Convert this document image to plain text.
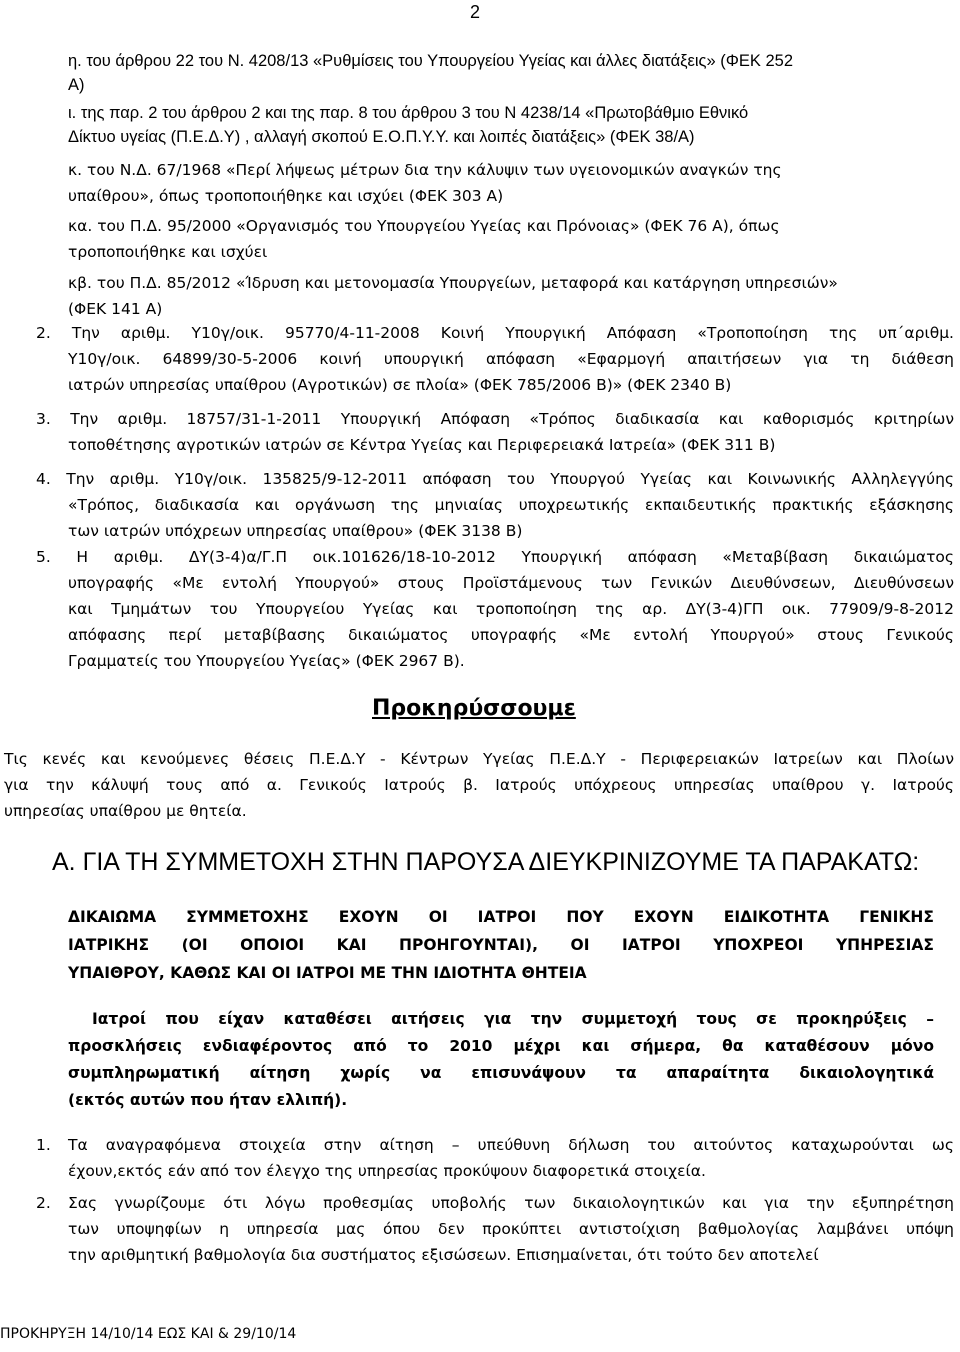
2
η. του άρθρου 22 του Ν. 4208/13 «Ρυθμίσεις του Υπουργείου Υγείας και άλλες διατάξεις» (ΦΕΚ 252
Α)
ι. της παρ. 2 του άρθρου 2 και της παρ. 8 του άρθρου 3 του Ν 4238/14 «Πρωτοβάθμιο Εθνικό
Δίκτυο υγείας (Π.Ε.Δ.Υ) , αλλαγή σκοπού Ε.Ο.Π.Υ.Υ. και λοιπές διατάξεις» (ΦΕΚ 38/Α)
κ. του Ν.Δ. 67/1968 «Περί λήψεως μέτρων δια την κάλυψιν των υγειονομικών αναγκών της
υπαίθρου», όπως τροποποιήθηκε και ισχύει (ΦΕΚ 303 Α)
κα. του Π.Δ. 95/2000 «Οργανισμός του Υπουργείου Υγείας και Πρόνοιας» (ΦΕΚ 76 Α), όπως
τροποποιήθηκε και ισχύει
κβ. του Π.Δ. 85/2012 «Ίδρυση και μετονομασία Υπουργείων, μεταφορά και κατάργηση υπηρεσιών»
(ΦΕΚ 141 Α)
2. Την αριθμ. Υ10γ/οικ. 95770/4-11-2008 Κοινή Υπουργική Απόφαση «Τροποποίηση της υπ΄αριθμ.
Υ10γ/οικ. 64899/30-5-2006 κοινή υπουργική απόφαση «Εφαρμογή απαιτήσεων για τη διάθεση
ιατρών υπηρεσίας υπαίθρου (Αγροτικών) σε πλοία» (ΦΕΚ 785/2006 Β)» (ΦΕΚ 2340 Β)
3. Την αριθμ. 18757/31-1-2011 Υπουργική Απόφαση «Τρόπος διαδικασία και καθορισμός κριτηρίων
τοποθέτησης αγροτικών ιατρών σε Κέντρα Υγείας και Περιφερειακά Ιατρεία» (ΦΕΚ 311 Β)
4. Την αριθμ. Υ10γ/οικ. 135825/9-12-2011 απόφαση του Υπουργού Υγείας και Κοινωνικής Αλληλεγγύης
«Τρόπος, διαδικασία και οργάνωση της μηνιαίας υποχρεωτικής εκπαιδευτικής πρακτικής εξάσκησης
των ιατρών υπόχρεων υπηρεσίας υπαίθρου» (ΦΕΚ 3138 Β)
5. Η αριθμ. ΔΥ(3-4)α/Γ.Π οικ.101626/18-10-2012 Υπουργική απόφαση «Μεταβίβαση δικαιώματος
υπογραφής «Με εντολή Υπουργού» στους Προϊστάμενους των Γενικών Διευθύνσεων, Διευθύνσεων
και Τμημάτων του Υπουργείου Υγείας και τροποποίηση της αρ. ΔΥ(3-4)ΓΠ οικ. 77909/9-8-2012
απόφασης περί μεταβίβασης δικαιώματος υπογραφής «Με εντολή Υπουργού» στους Γενικούς
Γραμματείς του Υπουργείου Υγείας» (ΦΕΚ 2967 Β).
Προκηρύσσουμε
Τις κενές και κενούμενες θέσεις Π.Ε.Δ.Υ - Κέντρων Υγείας Π.Ε.Δ.Υ - Περιφερειακών Ιατρείων και Πλοίων
για την κάλυψή τους από α. Γενικούς Ιατρούς β. Ιατρούς υπόχρεους υπηρεσίας υπαίθρου γ. Ιατρούς
υπηρεσίας υπαίθρου με θητεία.
Α. ΓΙΑ ΤΗ ΣΥΜΜΕΤΟΧΗ ΣΤΗΝ ΠΑΡΟΥΣΑ ΔΙΕΥΚΡΙΝΙΖΟΥΜΕ ΤΑ ΠΑΡΑΚΑΤΩ:
ΔΙΚΑΙΩΜΑ ΣΥΜΜΕΤΟΧΗΣ ΕΧΟΥΝ ΟΙ ΙΑΤΡΟΙ ΠΟΥ ΕΧΟΥΝ ΕΙΔΙΚΟΤΗΤΑ ΓΕΝΙΚΗΣ
ΙΑΤΡΙΚΗΣ (ΟΙ ΟΠΟΙΟΙ ΚΑΙ ΠΡΟΗΓΟΥΝΤΑΙ), ΟΙ ΙΑΤΡΟΙ ΥΠΟΧΡΕΟΙ ΥΠΗΡΕΣΙΑΣ
ΥΠΑΙΘΡΟΥ, ΚΑΘΩΣ ΚΑΙ ΟΙ ΙΑΤΡΟΙ ΜΕ ΤΗΝ ΙΔΙΟΤΗΤΑ ΘΗΤΕΙΑ
Ιατροί που είχαν καταθέσει αιτήσεις για την συμμετοχή τους σε προκηρύξεις –
προσκλήσεις ενδιαφέροντος από το 2010 μέχρι και σήμερα, θα καταθέσουν μόνο
συμπληρωματική αίτηση χωρίς να επισυνάψουν τα απαραίτητα δικαιολογητικά
(εκτός αυτών που ήταν ελλιπή).
1. Τα αναγραφόμενα στοιχεία στην αίτηση – υπεύθυνη δήλωση του αιτούντος καταχωρούνται ως
έχουν,εκτός εάν από τον έλεγχο της υπηρεσίας προκύψουν διαφορετικά στοιχεία.
2. Σας γνωρίζουμε ότι λόγω προθεσμίας υποβολής των δικαιολογητικών και για την εξυπηρέτηση
των υποψηφίων η υπηρεσία μας όπου δεν προκύπτει αντιστοίχιση βαθμολογίας λαμβάνει υπόψη
την αριθμητική βαθμολογία δια συστήματος εξισώσεων. Επισημαίνεται, ότι τούτο δεν αποτελεί
ΠΡΟΚΗΡΥΞΗ 14/10/14 ΕΩΣ ΚΑΙ & 29/10/14
